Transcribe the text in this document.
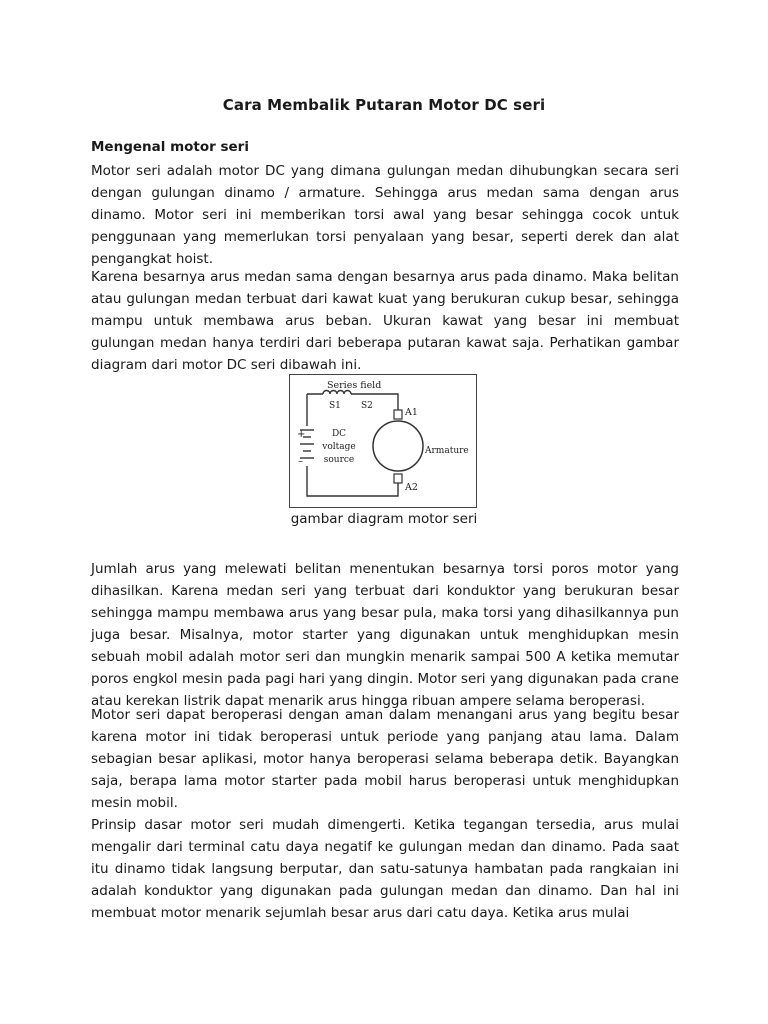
Cara Membalik Putaran Motor DC seri
Mengenal motor seri

Motor seri adalah motor DC yang dimana gulungan medan dihubungkan secara seri dengan gulungan dinamo / armature. Sehingga arus medan sama dengan arus dinamo. Motor seri ini memberikan torsi awal yang besar sehingga cocok untuk penggunaan yang memerlukan torsi penyalaan yang besar, seperti derek dan alat pengangkat hoist.

Karena besarnya arus medan sama dengan besarnya arus pada dinamo. Maka belitan atau gulungan medan terbuat dari kawat kuat yang berukuran cukup besar, sehingga mampu untuk membawa arus beban. Ukuran kawat yang besar ini membuat gulungan medan hanya terdiri dari beberapa putaran kawat saja. Perhatikan gambar diagram dari motor DC seri dibawah ini.

Series field
S1 S2
A1
A2
+
–
DC
voltage
source
Armature
gambar diagram motor seri

Jumlah arus yang melewati belitan menentukan besarnya torsi poros motor yang dihasilkan. Karena medan seri yang terbuat dari konduktor yang berukuran besar sehingga mampu membawa arus yang besar pula, maka torsi yang dihasilkannya pun juga besar. Misalnya, motor starter yang digunakan untuk menghidupkan mesin sebuah mobil adalah motor seri dan mungkin menarik sampai 500 A ketika memutar poros engkol mesin pada pagi hari yang dingin. Motor seri yang digunakan pada crane atau kerekan listrik dapat menarik arus hingga ribuan ampere selama beroperasi.

Motor seri dapat beroperasi dengan aman dalam menangani arus yang begitu besar karena motor ini tidak beroperasi untuk periode yang panjang atau lama. Dalam sebagian besar aplikasi, motor hanya beroperasi selama beberapa detik. Bayangkan saja, berapa lama motor starter pada mobil harus beroperasi untuk menghidupkan mesin mobil.

Prinsip dasar motor seri mudah dimengerti. Ketika tegangan tersedia, arus mulai mengalir dari terminal catu daya negatif ke gulungan medan dan dinamo. Pada saat itu dinamo tidak langsung berputar, dan satu-satunya hambatan pada rangkaian ini adalah konduktor yang digunakan pada gulungan medan dan dinamo. Dan hal ini membuat motor menarik sejumlah besar arus dari catu daya. Ketika arus mulai
